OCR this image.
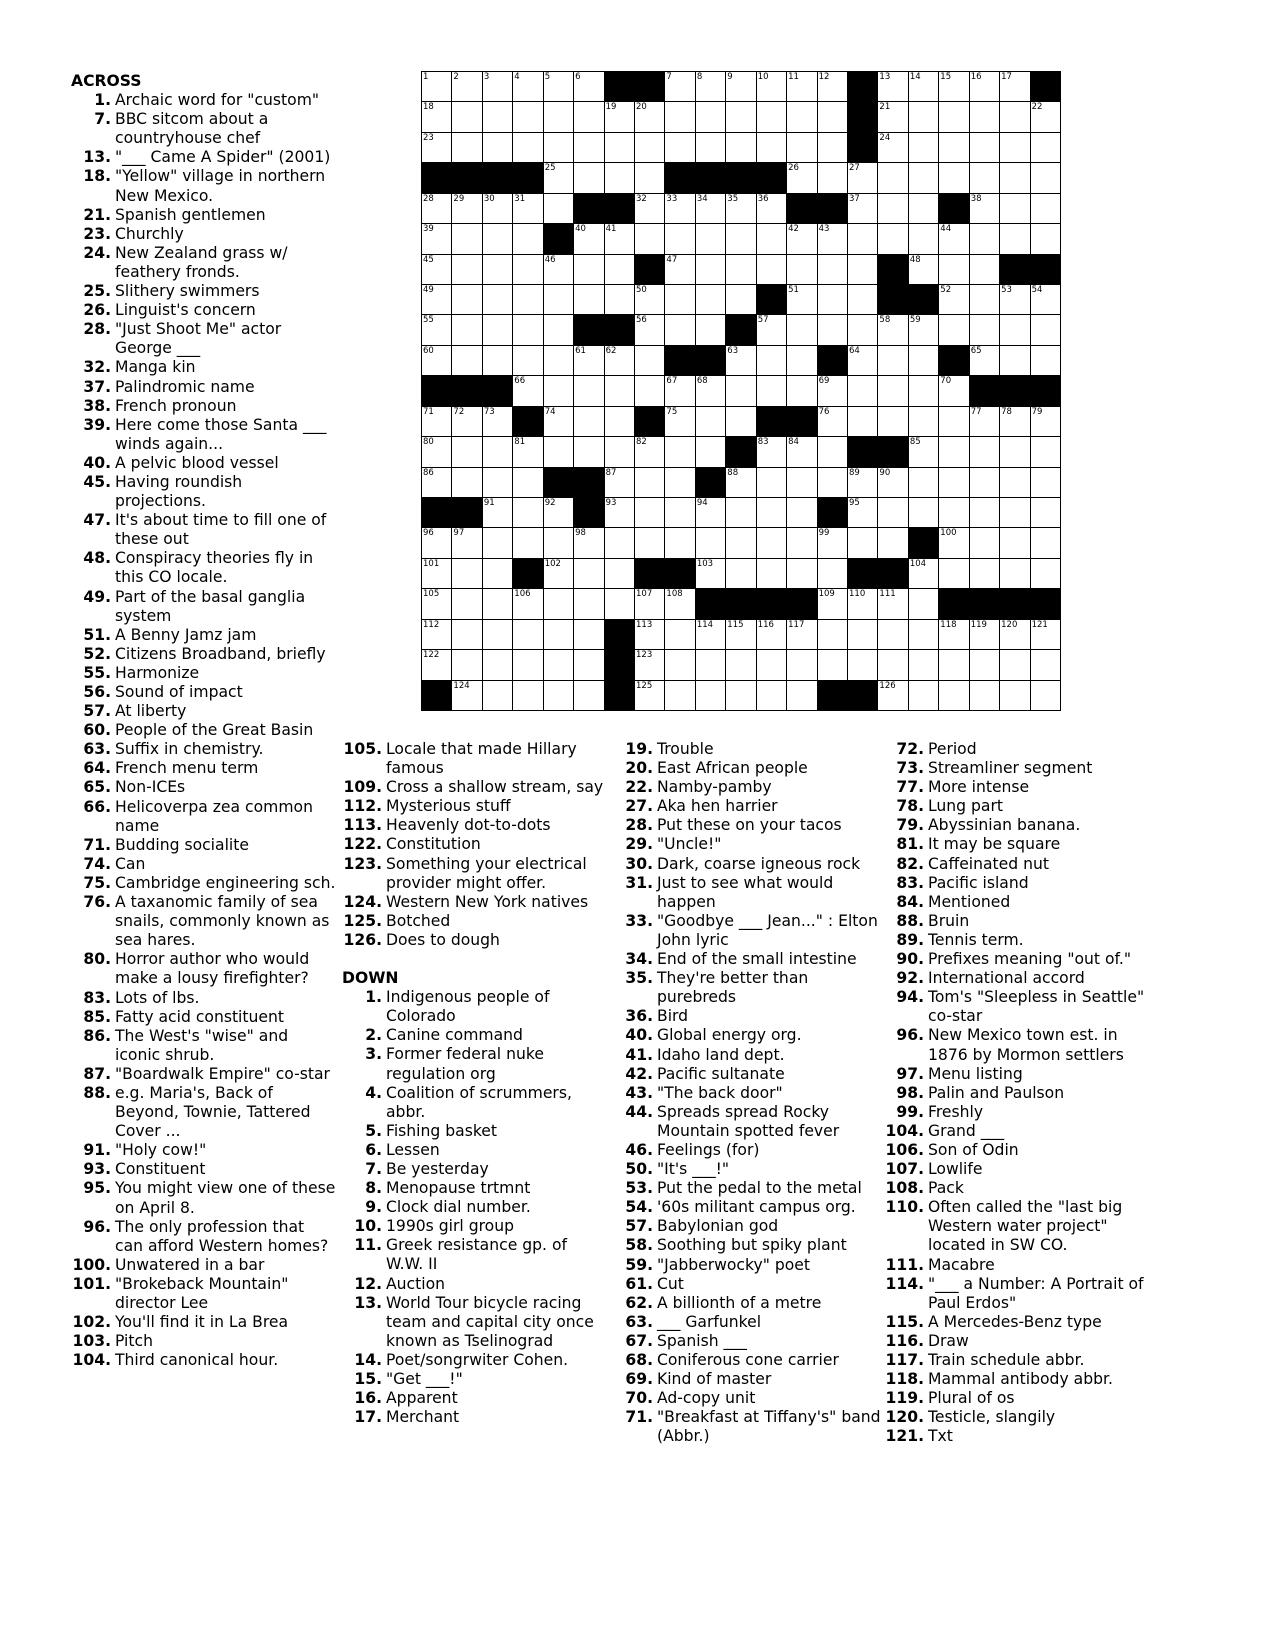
1	2	3	4	5	6	7	8	9	10 11 12	13 14 15 16 17
18	19 20	21	22
23	24
25	26	27
28 29 30 31	32 33 34 35 36	37	38
39	40 41	42 43	44
45	46	47	48
49	50	51	52	53 54
55	56	57	58 59
60	61 62	63	64	65
66	67 68	69	70
71 72 73	74	75	76	77 78 79
80	81	82	83 84	85
86	87	88	89 90
91	92	93	94	95
96 97	98	99	100
101	102	103	104
105	106	107 108	109 110 111
112	113	114 115 116 117	118 119 120 121
122	123
124	125	126
ACROSS
1. Archaic word for "custom"
7. BBC sitcom about a countryhouse chef
13. "___ Came A Spider" (2001)
18. "Yellow" village in northern New Mexico.
21. Spanish gentlemen
23. Churchly
24. New Zealand grass w/ feathery fronds.
25. Slithery swimmers
26. Linguist's concern
28. "Just Shoot Me" actor George ___
32. Manga kin
37. Palindromic name
38. French pronoun
39. Here come those Santa ___ winds again...
40. A pelvic blood vessel
45. Having roundish projections.
47. It's about time to fill one of these out
48. Conspiracy theories fly in this CO locale.
49. Part of the basal ganglia system
51. A Benny Jamz jam
52. Citizens Broadband, briefly
55. Harmonize
56. Sound of impact
57. At liberty
60. People of the Great Basin
63. Suffix in chemistry.
64. French menu term
65. Non-ICEs
66. Helicoverpa zea common name
71. Budding socialite
74. Can
75. Cambridge engineering sch.
76. A taxanomic family of sea snails, commonly known as sea hares.
80. Horror author who would make a lousy firefighter?
83. Lots of lbs.
85. Fatty acid constituent
86. The West's "wise" and iconic shrub.
87. "Boardwalk Empire" co-star
88. e.g. Maria's, Back of Beyond, Townie, Tattered Cover ...
91. "Holy cow!"
93. Constituent
95. You might view one of these on April 8.
96. The only profession that can afford Western homes?
100. Unwatered in a bar
101. "Brokeback Mountain" director Lee
102. You'll find it in La Brea
103. Pitch
104. Third canonical hour.
105. Locale that made Hillary famous
109. Cross a shallow stream, say
112. Mysterious stuff
113. Heavenly dot-to-dots
122. Constitution
123. Something your electrical provider might offer.
124. Western New York natives
125. Botched
126. Does to dough
DOWN
1. Indigenous people of Colorado
2. Canine command
3. Former federal nuke regulation org
4. Coalition of scrummers, abbr.
5. Fishing basket
6. Lessen
7. Be yesterday
8. Menopause trtmnt
9. Clock dial number.
10. 1990s girl group
11. Greek resistance gp. of W.W. II
12. Auction
13. World Tour bicycle racing team and capital city once known as Tselinograd
14. Poet/songrwiter Cohen.
15. "Get ___!"
16. Apparent
17. Merchant
19. Trouble
20. East African people
22. Namby-pamby
27. Aka hen harrier
28. Put these on your tacos
29. "Uncle!"
30. Dark, coarse igneous rock
31. Just to see what would happen
33. "Goodbye ___ Jean..." : Elton John lyric
34. End of the small intestine
35. They're better than purebreds
36. Bird
40. Global energy org.
41. Idaho land dept.
42. Pacific sultanate
43. "The back door"
44. Spreads spread Rocky Mountain spotted fever
46. Feelings (for)
50. "It's ___!"
53. Put the pedal to the metal
54. '60s militant campus org.
57. Babylonian god
58. Soothing but spiky plant
59. "Jabberwocky" poet
61. Cut
62. A billionth of a metre
63. ___ Garfunkel
67. Spanish ___
68. Coniferous cone carrier
69. Kind of master
70. Ad-copy unit
71. "Breakfast at Tiffany's" band (Abbr.)
72. Period
73. Streamliner segment
77. More intense
78. Lung part
79. Abyssinian banana.
81. It may be square
82. Caffeinated nut
83. Pacific island
84. Mentioned
88. Bruin
89. Tennis term.
90. Prefixes meaning "out of."
92. International accord
94. Tom's "Sleepless in Seattle" co-star
96. New Mexico town est. in 1876 by Mormon settlers
97. Menu listing
98. Palin and Paulson
99. Freshly
104. Grand ___
106. Son of Odin
107. Lowlife
108. Pack
110. Often called the "last big Western water project" located in SW CO.
111. Macabre
114. "___ a Number: A Portrait of Paul Erdos"
115. A Mercedes-Benz type
116. Draw
117. Train schedule abbr.
118. Mammal antibody abbr.
119. Plural of os
120. Testicle, slangily
121. Txt
